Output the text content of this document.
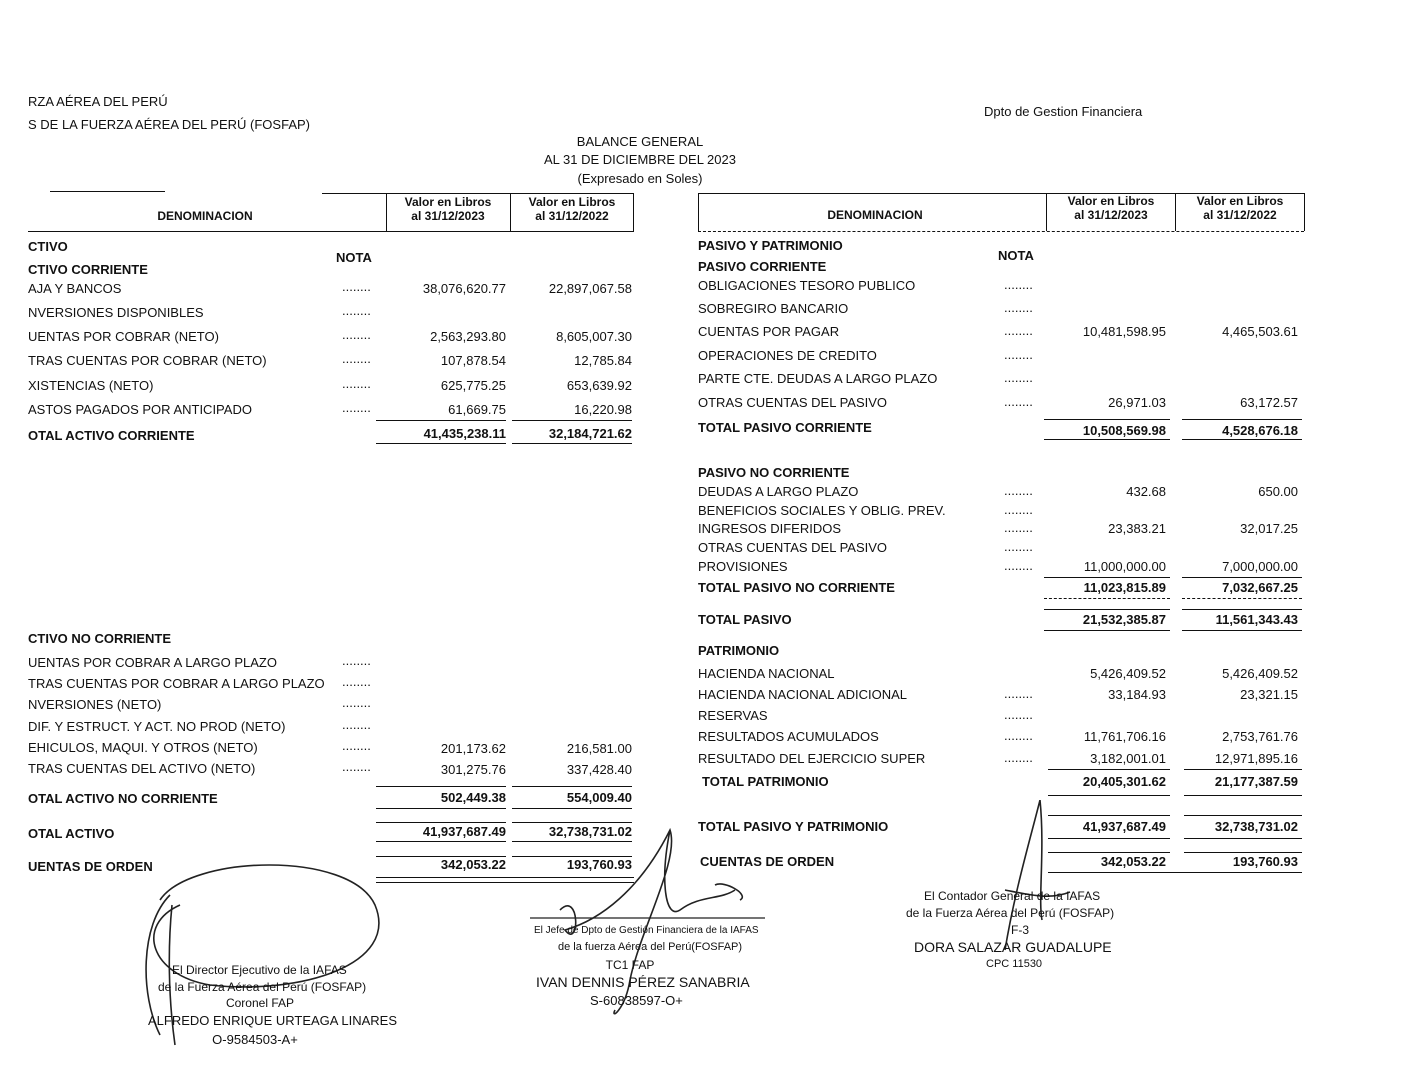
RZA AÉREA DEL PERÚ
S DE LA FUERZA AÉREA DEL PERÚ (FOSFAP)
Dpto de Gestion Financiera
BALANCE GENERAL
AL 31 DE DICIEMBRE DEL 2023
(Expresado en Soles)
DENOMINACION
Valor en Libros
al 31/12/2023
Valor en Libros
al 31/12/2022
CTIVO
NOTA
CTIVO CORRIENTE
AJA Y BANCOS	........	38,076,620.77	22,897,067.58
NVERSIONES DISPONIBLES	........
UENTAS POR COBRAR (NETO)	........	2,563,293.80	8,605,007.30
TRAS CUENTAS POR COBRAR (NETO)	........	107,878.54	12,785.84
XISTENCIAS (NETO)	........	625,775.25	653,639.92
ASTOS PAGADOS POR ANTICIPADO	........	61,669.75	16,220.98
OTAL ACTIVO CORRIENTE	41,435,238.11	32,184,721.62
CTIVO NO CORRIENTE
UENTAS POR COBRAR A LARGO PLAZO	........
TRAS CUENTAS POR COBRAR A LARGO PLAZO ........
NVERSIONES (NETO)	........
DIF. Y ESTRUCT. Y ACT. NO PROD (NETO)	........
EHICULOS, MAQUI. Y OTROS (NETO)	........	201,173.62	216,581.00
TRAS CUENTAS DEL ACTIVO (NETO)	........	301,275.76	337,428.40
OTAL ACTIVO NO CORRIENTE	502,449.38	554,009.40
OTAL ACTIVO	41,937,687.49	32,738,731.02
UENTAS DE ORDEN	342,053.22	193,760.93
DENOMINACION
Valor en Libros
al 31/12/2023
Valor en Libros
al 31/12/2022
PASIVO Y PATRIMONIO
NOTA
PASIVO CORRIENTE
OBLIGACIONES TESORO PUBLICO	........
SOBREGIRO BANCARIO	........
CUENTAS POR PAGAR	........	10,481,598.95	4,465,503.61
OPERACIONES DE CREDITO	........
PARTE CTE. DEUDAS A LARGO PLAZO	........
OTRAS CUENTAS DEL PASIVO	........	26,971.03	63,172.57
TOTAL PASIVO CORRIENTE	10,508,569.98	4,528,676.18
PASIVO NO CORRIENTE
DEUDAS A LARGO PLAZO	........	432.68	650.00
BENEFICIOS SOCIALES Y OBLIG. PREV.	........
INGRESOS DIFERIDOS	........	23,383.21	32,017.25
OTRAS CUENTAS DEL PASIVO	........
PROVISIONES	........	11,000,000.00	7,000,000.00
TOTAL PASIVO NO CORRIENTE	11,023,815.89	7,032,667.25
TOTAL PASIVO	21,532,385.87	11,561,343.43
PATRIMONIO
HACIENDA NACIONAL	5,426,409.52	5,426,409.52
HACIENDA NACIONAL ADICIONAL	........	33,184.93	23,321.15
RESERVAS	........
RESULTADOS ACUMULADOS	........	11,761,706.16	2,753,761.76
RESULTADO DEL EJERCICIO SUPER	........	3,182,001.01	12,971,895.16
TOTAL PATRIMONIO	20,405,301.62	21,177,387.59
TOTAL PASIVO Y PATRIMONIO	41,937,687.49	32,738,731.02
CUENTAS DE ORDEN	342,053.22	193,760.93
El Director Ejecutivo de la IAFAS
de la Fuerza Aérea del Perú (FOSFAP)
Coronel FAP
ALFREDO ENRIQUE URTEAGA LINARES
O-9584503-A+
El Jefe de Dpto de Gestión Financiera de la IAFAS
de la fuerza Aérea del Perú(FOSFAP)
TC1 FAP
IVAN DENNIS PÉREZ SANABRIA
S-60838597-O+
El Contador General de la IAFAS
de la Fuerza Aérea del Perú (FOSFAP)
F-3
DORA SALAZAR GUADALUPE
CPC 11530
